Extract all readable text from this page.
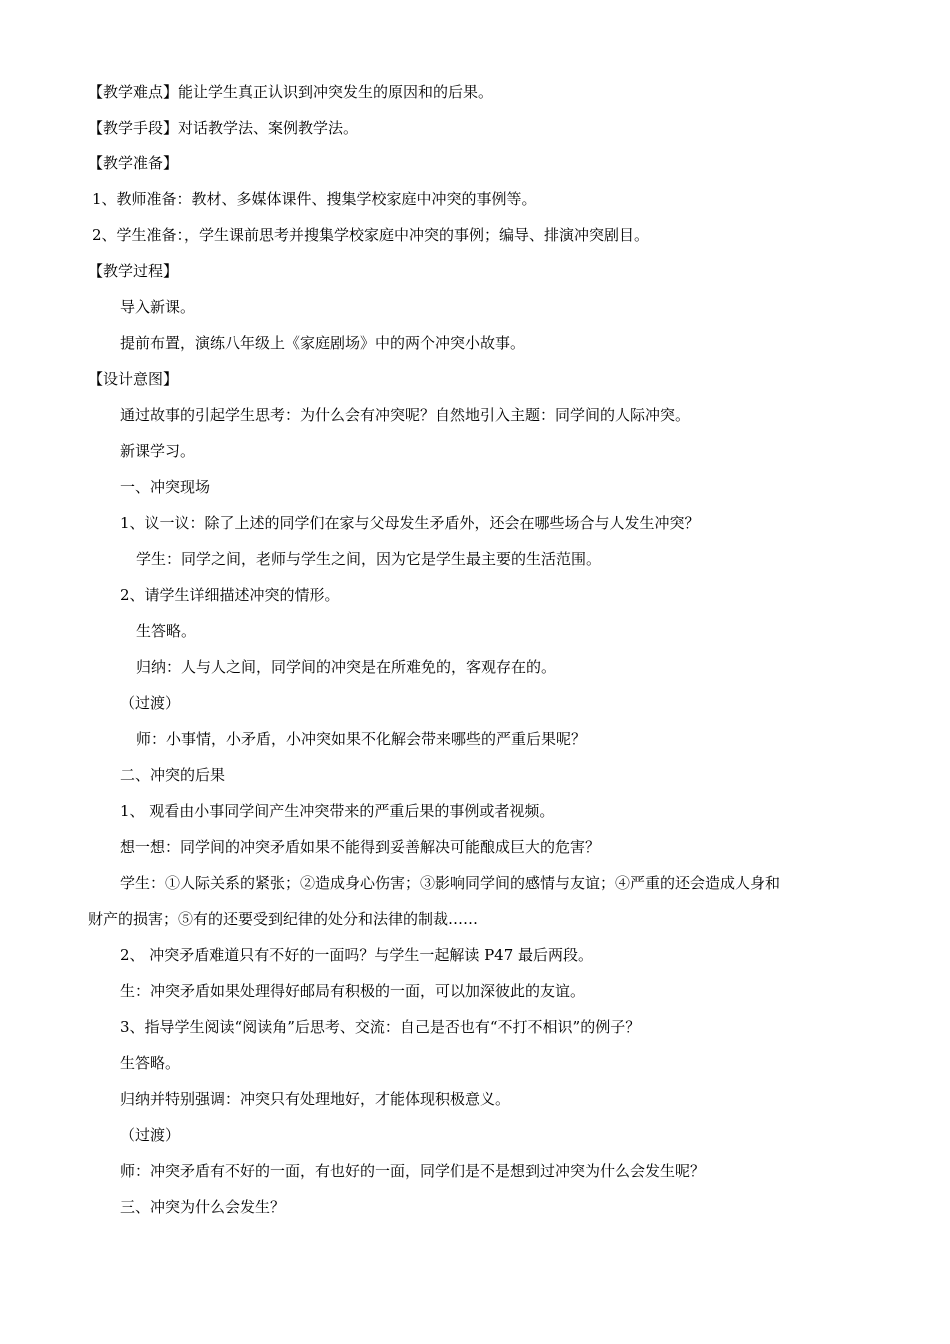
【教学难点】能让学生真正认识到冲突发生的原因和的后果。
【教学手段】对话教学法、案例教学法。
【教学准备】
1、教师准备：教材、多媒体课件、搜集学校家庭中冲突的事例等。
2、学生准备：，学生课前思考并搜集学校家庭中冲突的事例；编导、排演冲突剧目。
【教学过程】
导入新课。
提前布置，演练八年级上《家庭剧场》中的两个冲突小故事。
【设计意图】
通过故事的引起学生思考：为什么会有冲突呢？自然地引入主题：同学间的人际冲突。
新课学习。
一、冲突现场
1、议一议：除了上述的同学们在家与父母发生矛盾外，还会在哪些场合与人发生冲突？
学生：同学之间，老师与学生之间，因为它是学生最主要的生活范围。
2、请学生详细描述冲突的情形。
生答略。
归纳：人与人之间，同学间的冲突是在所难免的，客观存在的。
（过渡）
师：小事情，小矛盾，小冲突如果不化解会带来哪些的严重后果呢？
二、冲突的后果
1、 观看由小事同学间产生冲突带来的严重后果的事例或者视频。
想一想：同学间的冲突矛盾如果不能得到妥善解决可能酿成巨大的危害？
学生：①人际关系的紧张；②造成身心伤害；③影响同学间的感情与友谊；④严重的还会造成人身和
财产的损害；⑤有的还要受到纪律的处分和法律的制裁……
2、 冲突矛盾难道只有不好的一面吗？与学生一起解读 P47 最后两段。
生：冲突矛盾如果处理得好邮局有积极的一面，可以加深彼此的友谊。
3、指导学生阅读“阅读角”后思考、交流：自己是否也有“不打不相识”的例子？
生答略。
归纳并特别强调：冲突只有处理地好，才能体现积极意义。
（过渡）
师：冲突矛盾有不好的一面，有也好的一面，同学们是不是想到过冲突为什么会发生呢？
三、冲突为什么会发生？
